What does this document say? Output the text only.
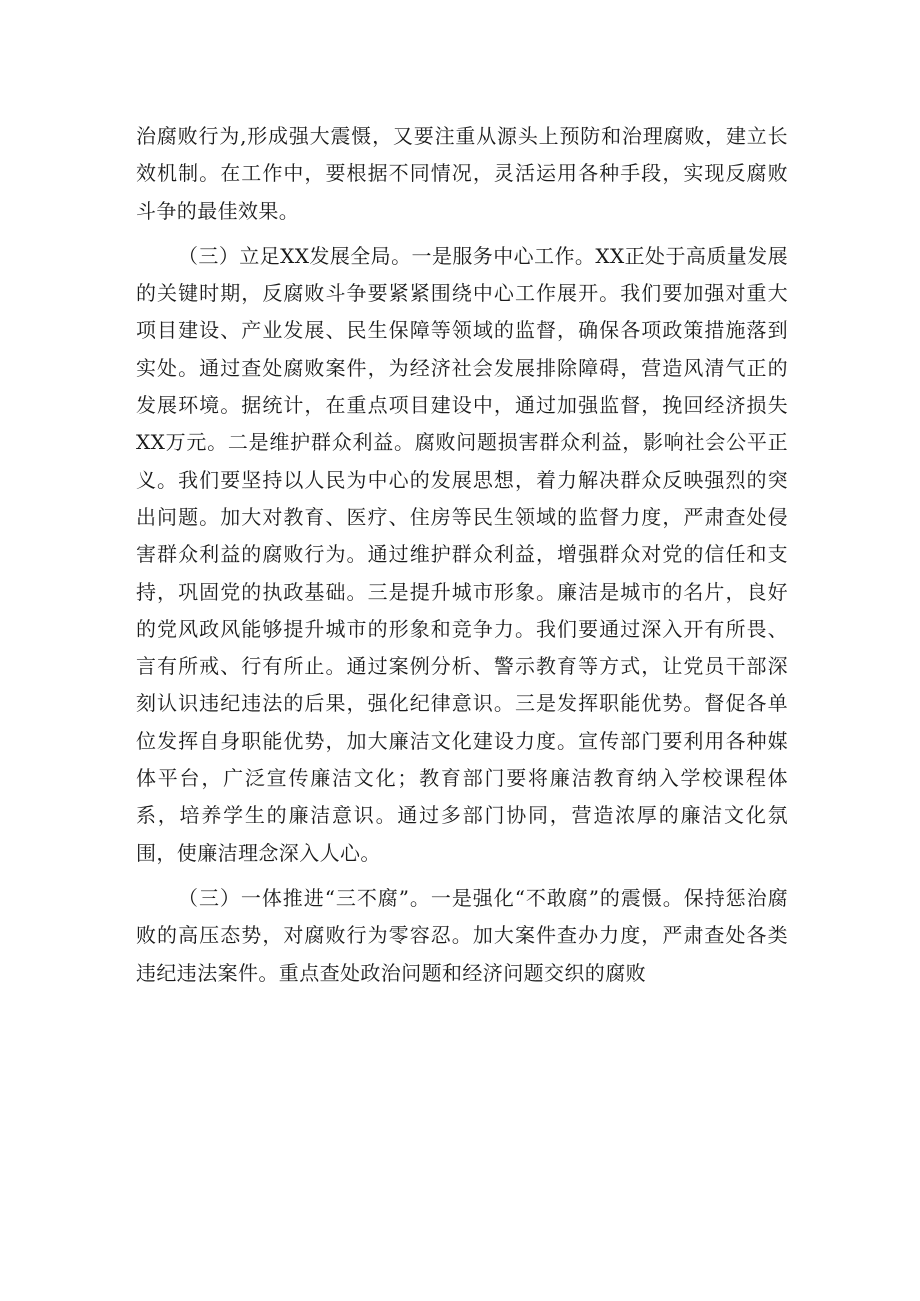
治腐败行为,形成强大震慑，又要注重从源头上预防和治理腐败，建立长效机制。在工作中，要根据不同情况，灵活运用各种手段，实现反腐败斗争的最佳效果。

（三）立足XX发展全局。一是服务中心工作。XX正处于高质量发展的关键时期，反腐败斗争要紧紧围绕中心工作展开。我们要加强对重大项目建设、产业发展、民生保障等领域的监督，确保各项政策措施落到实处。通过查处腐败案件，为经济社会发展排除障碍，营造风清气正的发展环境。据统计，在重点项目建设中，通过加强监督，挽回经济损失XX万元。二是维护群众利益。腐败问题损害群众利益，影响社会公平正义。我们要坚持以人民为中心的发展思想，着力解决群众反映强烈的突出问题。加大对教育、医疗、住房等民生领域的监督力度，严肃查处侵害群众利益的腐败行为。通过维护群众利益，增强群众对党的信任和支持，巩固党的执政基础。三是提升城市形象。廉洁是城市的名片，良好的党风政风能够提升城市的形象和竞争力。我们要通过深入开有所畏、言有所戒、行有所止。通过案例分析、警示教育等方式，让党员干部深刻认识违纪违法的后果，强化纪律意识。三是发挥职能优势。督促各单位发挥自身职能优势，加大廉洁文化建设力度。宣传部门要利用各种媒体平台，广泛宣传廉洁文化；教育部门要将廉洁教育纳入学校课程体系，培养学生的廉洁意识。通过多部门协同，营造浓厚的廉洁文化氛围，使廉洁理念深入人心。

（三）一体推进“三不腐”。一是强化“不敢腐”的震慑。保持惩治腐败的高压态势，对腐败行为零容忍。加大案件查办力度，严肃查处各类违纪违法案件。重点查处政治问题和经济问题交织的腐败
